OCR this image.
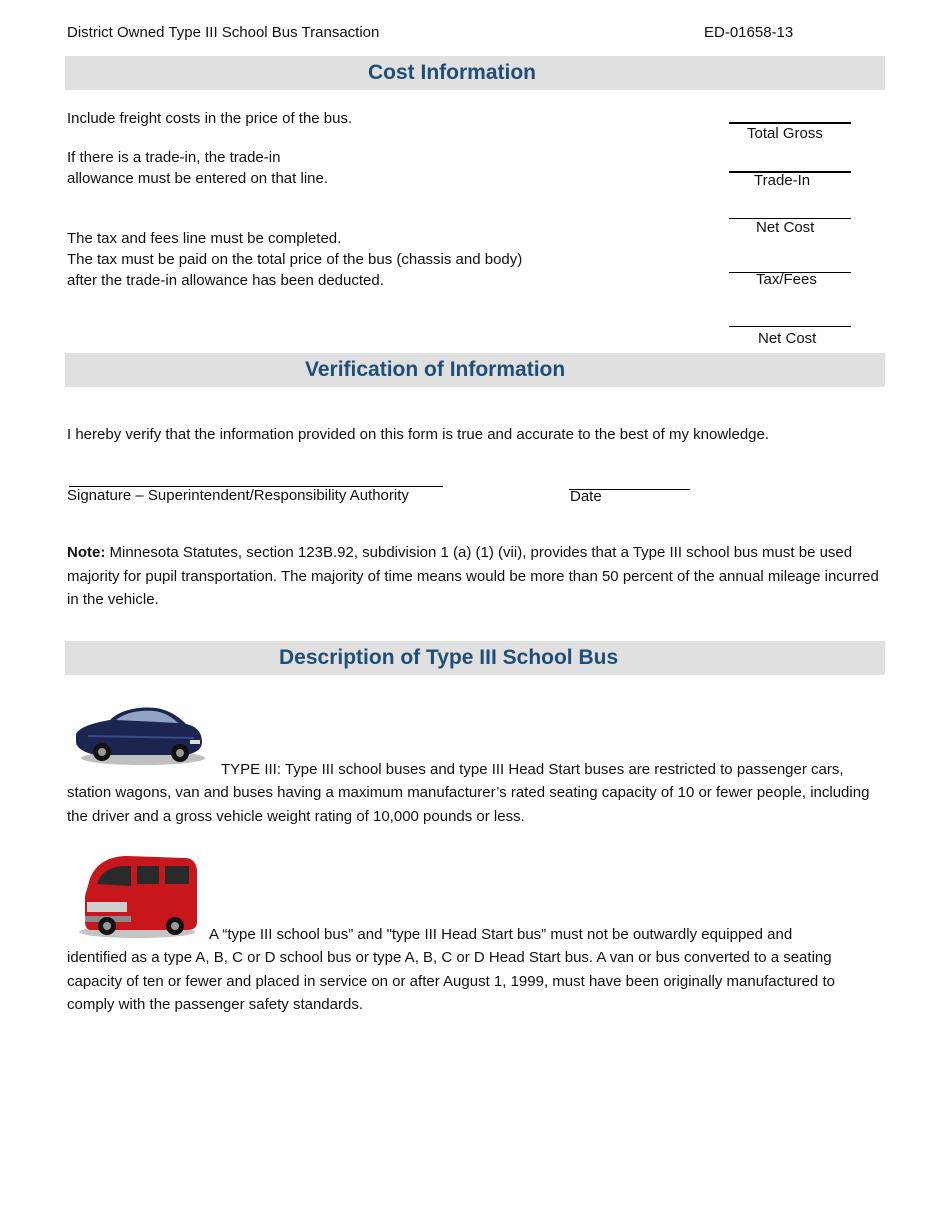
District Owned Type III School Bus Transaction	ED-01658-13
Cost Information
Include freight costs in the price of the bus.
If there is a trade-in, the trade-in
allowance must be entered on that line.
The tax and fees line must be completed.
The tax must be paid on the total price of the bus (chassis and body)
after the trade-in allowance has been deducted.
Total Gross
Trade-In
Net Cost
Tax/Fees
Net Cost
Verification of Information
I hereby verify that the information provided on this form is true and accurate to the best of my knowledge.
Signature – Superintendent/Responsibility Authority	Date
Note: Minnesota Statutes, section 123B.92, subdivision 1 (a) (1) (vii), provides that a Type III school bus must be used majority for pupil transportation. The majority of time means would be more than 50 percent of the annual mileage incurred in the vehicle.
Description of Type III School Bus
TYPE III: Type III school buses and type III Head Start buses are restricted to passenger cars,
station wagons, van and buses having a maximum manufacturer’s rated seating capacity of 10 or fewer people, including the driver and a gross vehicle weight rating of 10,000 pounds or less.
A “type III school bus” and "type III Head Start bus” must not be outwardly equipped and
identified as a type A, B, C or D school bus or type A, B, C or D Head Start bus. A van or bus converted to a seating capacity of ten or fewer and placed in service on or after August 1, 1999, must have been originally manufactured to comply with the passenger safety standards.
